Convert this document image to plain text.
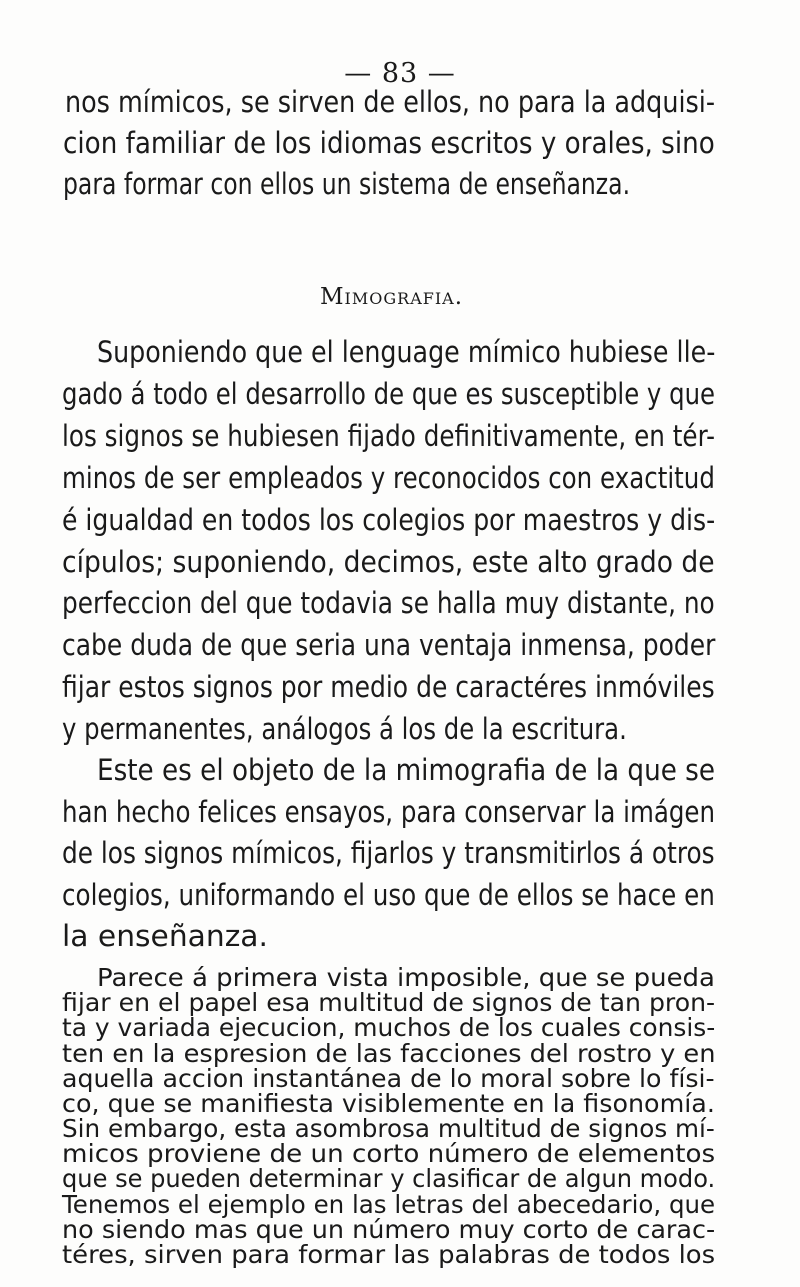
— 83 —
Mimografia.
nos mímicos, se sirven de ellos, no para la adquisi-
cion familiar de los idiomas escritos y orales, sino
para formar con ellos un sistema de enseñanza.
Suponiendo que el lenguage mímico hubiese lle-
gado á todo el desarrollo de que es susceptible y que
los signos se hubiesen fijado definitivamente, en tér-
minos de ser empleados y reconocidos con exactitud
é igualdad en todos los colegios por maestros y dis-
cípulos; suponiendo, decimos, este alto grado de
perfeccion del que todavia se halla muy distante, no
cabe duda de que seria una ventaja inmensa, poder
fijar estos signos por medio de caractéres inmóviles
y permanentes, análogos á los de la escritura.
Este es el objeto de la mimografia de la que se
han hecho felices ensayos, para conservar la imágen
de los signos mímicos, fijarlos y transmitirlos á otros
colegios, uniformando el uso que de ellos se hace en
la enseñanza.
Parece á primera vista imposible, que se pueda
fijar en el papel esa multitud de signos de tan pron-
ta y variada ejecucion, muchos de los cuales consis-
ten en la espresion de las facciones del rostro y en
aquella accion instantánea de lo moral sobre lo físi-
co, que se manifiesta visiblemente en la fisonomía.
Sin embargo, esta asombrosa multitud de signos mí-
micos proviene de un corto número de elementos
que se pueden determinar y clasificar de algun modo.
Tenemos el ejemplo en las letras del abecedario, que
no siendo mas que un número muy corto de carac-
téres, sirven para formar las palabras de todos los
